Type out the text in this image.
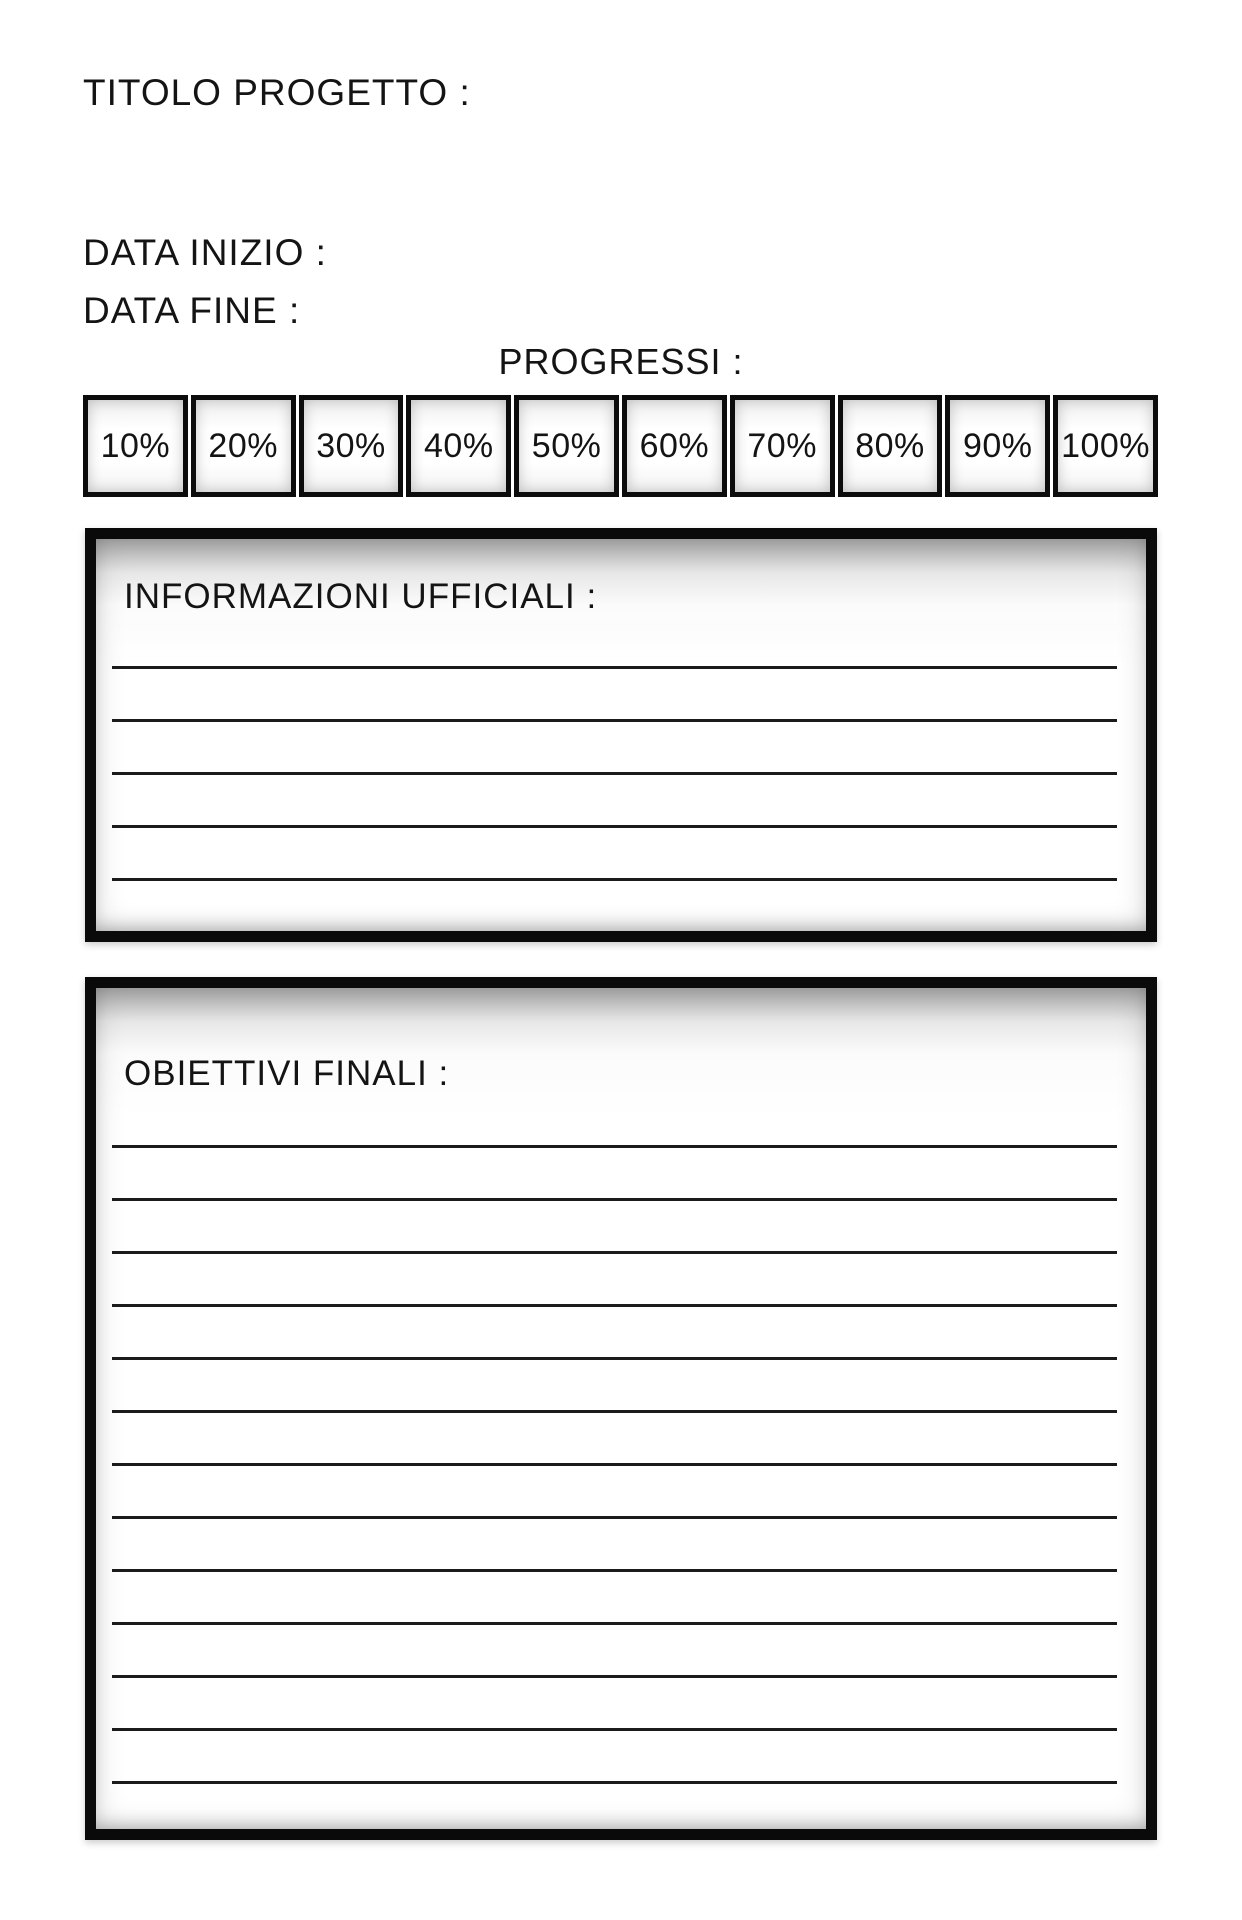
TITOLO PROGETTO :
DATA INIZIO :
DATA FINE :
PROGRESSI :
10%	20%	30%	40%	50%	60%	70%	80%	90% 100%
INFORMAZIONI UFFICIALI :
OBIETTIVI FINALI :
